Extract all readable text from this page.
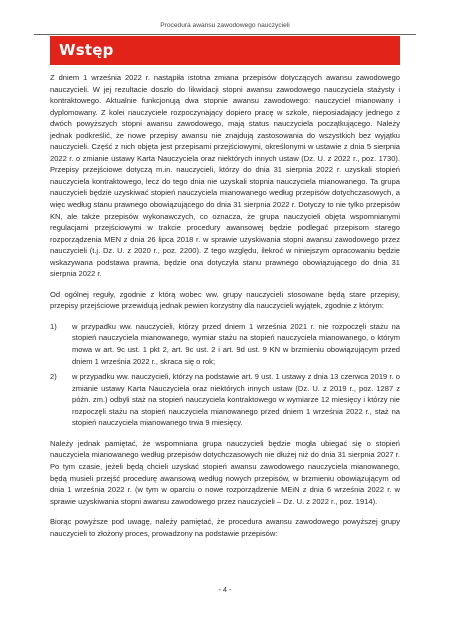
Procedura awansu zawodowego nauczycieli
Wstęp

Z dniem 1 września 2022 r. nastąpiła istotna zmiana przepisów dotyczących awansu zawodowego nauczycieli. W jej rezultacie doszło do likwidacji stopni awansu zawodowego nauczyciela stażysty i kontraktowego. Aktualnie funkcjonują dwa stopnie awansu zawodowego: nauczyciel mianowany i dyplomowany. Z kolei nauczyciele rozpoczynający dopiero pracę w szkole, nieposiadający jednego z dwóch powyższych stopni awansu zawodowego, mają status nauczyciela początkującego. Należy jednak podkreślić, że nowe przepisy awansu nie znajdują zastosowania do wszystkich bez wyjątku nauczycieli. Część z nich objęta jest przepisami przejściowymi, określonymi w ustawie z dnia 5 sierpnia 2022 r. o zmianie ustawy Karta Nauczyciela oraz niektórych innych ustaw (Dz. U. z 2022 r., poz. 1730). Przepisy przejściowe dotyczą m.in. nauczycieli, którzy do dnia 31 sierpnia 2022 r. uzyskali stopień nauczyciela kontraktowego, lecz do tego dnia nie uzyskali stopnia nauczyciela mianowanego. Ta grupa nauczycieli będzie uzyskiwać stopień nauczyciela mianowanego według przepisów dotychczasowych, a więc według stanu prawnego obowiązującego do dnia 31 sierpnia 2022 r. Dotyczy to nie tylko przepisów KN, ale także przepisów wykonawczych, co oznacza, że grupa nauczycieli objęta wspomnianymi regulacjami przejściowymi w trakcie procedury awansowej będzie podlegać przepisom starego rozporządzenia MEN z dnia 26 lipca 2018 r. w sprawie uzyskiwania stopni awansu zawodowego przez nauczycieli (t.j. Dz. U. z 2020 r., poz. 2200). Z tego względu, ilekroć w niniejszym opracowaniu będzie wskazywana podstawa prawna, będzie ona dotyczyła stanu prawnego obowiązującego do dnia 31 sierpnia 2022 r.

Od ogólnej reguły, zgodnie z którą wobec ww. grupy nauczycieli stosowane będą stare przepisy, przepisy przejściowe przewidują jednak pewien korzystny dla nauczycieli wyjątek, zgodnie z którym:

1) w przypadku ww. nauczycieli, którzy przed dniem 1 września 2021 r. nie rozpoczęli stażu na stopień nauczyciela mianowanego, wymiar stażu na stopień nauczyciela mianowanego, o którym mowa w art. 9c ust. 1 pkt 2, art. 9c ust. 2 i art. 9d ust. 9 KN w brzmieniu obowiązującym przed dniem 1 września 2022 r., skraca się o rok;
2) w przypadku ww. nauczycieli, którzy na podstawie art. 9 ust. 1 ustawy z dnia 13 czerwca 2019 r. o zmianie ustawy Karta Nauczyciela oraz niektórych innych ustaw (Dz. U. z 2019 r., poz. 1287 z późn. zm.) odbyli staż na stopień nauczyciela kontraktowego w wymiarze 12 miesięcy i którzy nie rozpoczęli stażu na stopień nauczyciela mianowanego przed dniem 1 września 2022 r., staż na stopień nauczyciela mianowanego trwa 9 miesięcy.

Należy jednak pamiętać, że wspomniana grupa nauczycieli będzie mogła ubiegać się o stopień nauczyciela mianowanego według przepisów dotychczasowych nie dłużej niż do dnia 31 sierpnia 2027 r. Po tym czasie, jeżeli będą chcieli uzyskać stopień awansu zawodowego nauczyciela mianowanego, będą musieli przejść procedurę awansową według nowych przepisów, w brzmieniu obowiązującym od dnia 1 września 2022 r. (w tym w oparciu o nowe rozporządzenie MEiN z dnia 6 września 2022 r. w sprawie uzyskiwania stopni awansu zawodowego przez nauczycieli – Dz. U. z 2022 r., poz. 1914).

Biorąc powyższe pod uwagę, należy pamiętać, że procedura awansu zawodowego powyższej grupy nauczycieli to złożony proces, prowadzony na podstawie przepisów:

- 4 -
